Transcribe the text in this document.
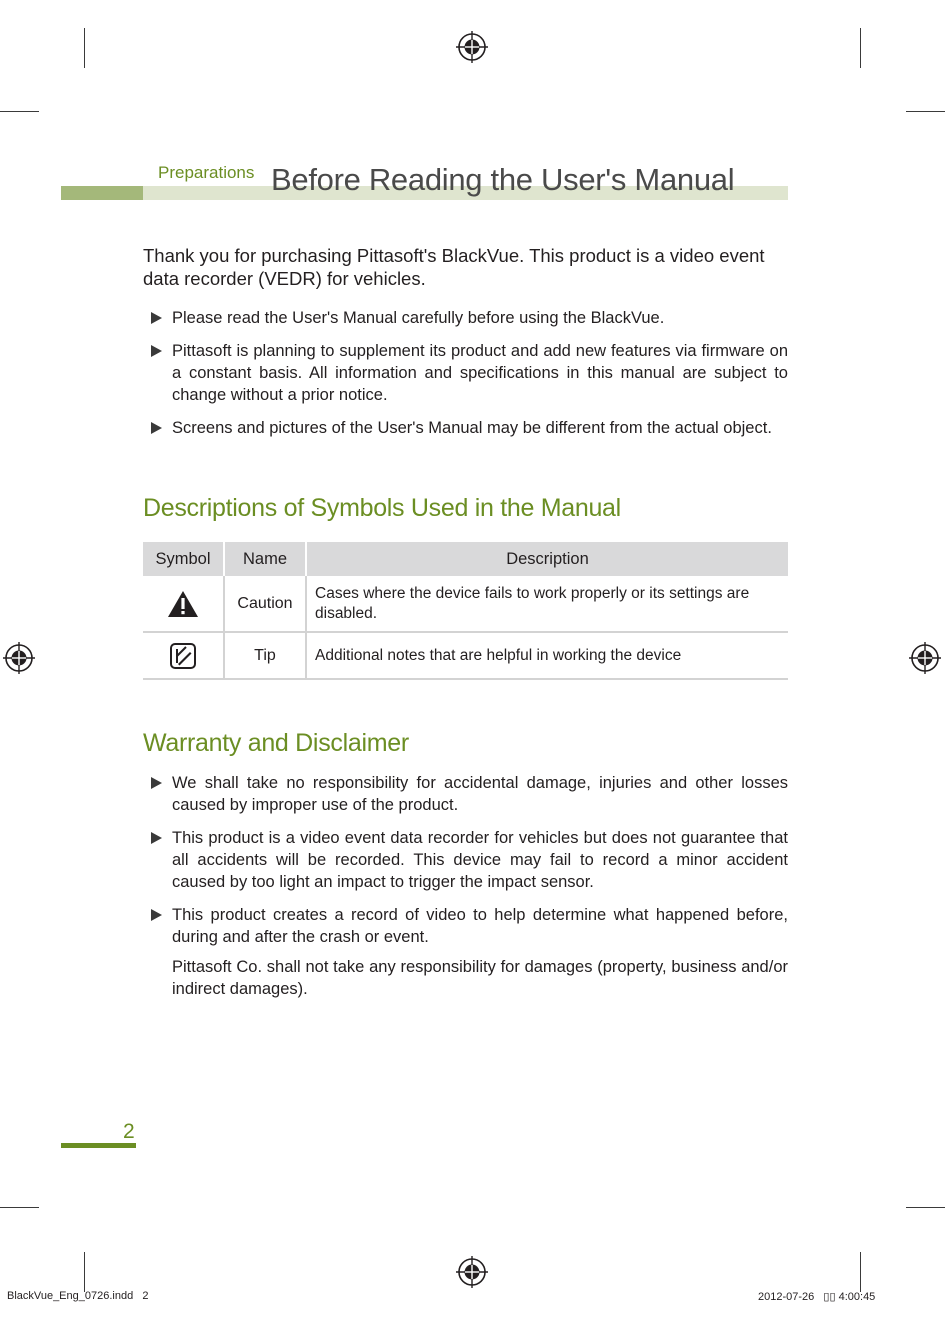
Preparations Before Reading the User's Manual

Thank you for purchasing Pittasoft's BlackVue. This product is a video event data recorder (VEDR) for vehicles.

Please read the User's Manual carefully before using the BlackVue.
Pittasoft is planning to supplement its product and add new features via firmware on a constant basis. All information and specifications in this manual are subject to change without a prior notice.
Screens and pictures of the User's Manual may be different from the actual object.
Descriptions of Symbols Used in the Manual
Symbol	Name	Description

	Caution	Cases where the device fails to work properly or its settings are disabled.

	Tip	Additional notes that are helpful in working the device
Warranty and Disclaimer
We shall take no responsibility for accidental damage, injuries and other losses caused by improper use of the product.
This product is a video event data recorder for vehicles but does not guarantee that all accidents will be recorded. This device may fail to record a minor accident caused by too light an impact to trigger the impact sensor.
This product creates a record of video to help determine what happened before, during and after the crash or event.
Pittasoft Co. shall not take any responsibility for damages (property, business and/or indirect damages).
2
BlackVue_Eng_0726.indd   2	2012-07-26   ▯▯ 4:00:45
